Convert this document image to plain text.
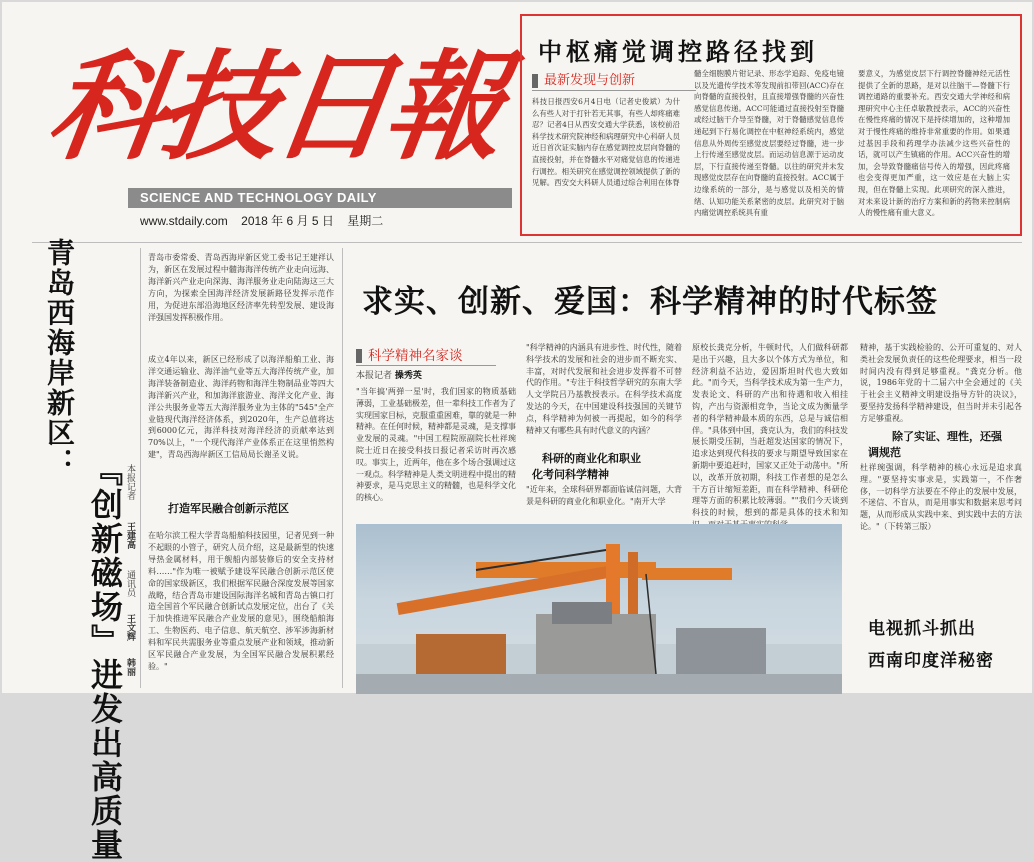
科技日報
SCIENCE AND TECHNOLOGY DAILY
www.stdaily.com 2018 年 6 月 5 日 星期二
中枢痛觉调控路径找到
最新发现与创新
科技日报西安6月4日电（记者史俊斌）为什么有些人对于打针若无其事，有些人却疼痛难忍？记者4日从西安交通大学获悉，该校前沿科学技术研究院神经和病理研究中心科研人员近日首次证实脑内存在感觉调控皮层向脊髓的直接投射，并在脊髓水平对痛觉信息的传递进行调控。相关研究在感觉调控领域提供了新的见解。西安交大科研人员通过综合利用在体脊
髓全细胞膜片钳记录、形态学追踪、免疫电镜以及光遗传学技术等发现前扣带回(ACC)存在向脊髓的直接投射，且直接增强脊髓的兴奋性感觉信息传递。ACC可能通过直接投射至脊髓或经过脑干介导至脊髓，对于脊髓感觉信息传递起到下行易化调控在中枢神经系统内，感觉信息从外周传至感觉皮层要经过脊髓，进一步上行传递至感觉皮层。而运动信息源于运动皮层，下行直接传递至脊髓。以往的研究并未发现感觉皮层存在向脊髓的直接投射。ACC属于边缘系统的一部分，是与感觉以及相关的情绪、认知功能关系紧密的皮层。此研究对于脑内痛觉调控系统具有重
要意义，为感觉皮层下行调控脊髓神经元活性提供了全新的思路，是对以往脑干—脊髓下行调控通路的重要补充。西安交通大学神经和病理研究中心主任卓敏教授表示，ACC的兴奋性在慢性疼痛的情况下是持续增加的，这种增加对于慢性疼痛的维持非常重要的作用。如果通过基因手段和药理学办法减少这些兴奋性的话，就可以产生镇痛的作用。ACC兴奋性的增加，会导致脊髓痛信号传入的增强，因此疼痛也会变得更加严重，这一效应是在大脑上实现，但在脊髓上实现。此项研究的深入推进，对未来设计新的治疗方案和新的药物来控制病人的慢性痛有重大意义。
青岛西海岸新区：
『创新磁场』进发出高质量 本报记者
王建高
通讯员
王文辉
韩丽
青岛市委常委、青岛西海岸新区党工委书记王建祥认为，新区在发展过程中髓海海洋传统产业走向远海、海洋新兴产业走向深海、海洋服务业走向陆海这三大方向，为探索全国海洋经济发展新路径发挥示范作用，为促进东部沿海地区经济率先转型发展、建设海洋强国发挥积极作用。
成立4年以来，新区已经形成了以海洋船舶工业、海洋交通运输业、海洋油气业等五大海洋传统产业，加海洋装备制造业、海洋药物和海洋生物制品业等四大海洋新兴产业，和加海洋旅游业、海洋文化产业、海洋公共服务业等五大海洋服务业为主体的"545"全产业链现代海洋经济体系，到2020年，生产总值将达到6000亿元，海洋科技对海洋经济的贡献率达到70%以上，"一个现代海洋产业体系正在这里悄然构建"，青岛西海岸新区工信局局长谢圣义说。
打造军民融合创新示范区
在哈尔滨工程大学青岛船舶科技园里，记者见到一种不起眼的小管子，研究人员介绍，这是最新型的快速导热金属材料，用于舰船内部装修后的安全支持材料……"作为唯一被赋予建设军民融合创新示范区使命的国家级新区，我们根据军民融合深度发展等国家战略，结合青岛市建设国际海洋名城和青岛古镇口打造全国首个军民融合创新试点发展定位，出台了《关于加快推进军民融合产业发展的意见》，围绕船舶海工、生物医药、电子信息、航天航空、涉军涉海新材料和军民共需服务业等重点发展产业和领域，推动新区军民融合产业发展，为全国军民融合发展积累经验。"
求实、创新、爱国：科学精神的时代标签
科学精神名家谈
本报记者 操秀英
"当年搞'两弹一星'时，我们国家的物质基础薄弱，工业基础极差，但一辈科技工作者为了实现国家目标，克服重重困难，靠的就是一种精神。在任何时候，精神都是灵魂，是支撑事业发展的灵魂。"中国工程院原副院长杜祥琬院士近日在接受科技日报记者采访时再次感叹。事实上，近两年，他在多个场合强调过这一观点。科学精神是人类文明进程中提出的精神要求，是马克思主义的精髓，也是科学文化的核心。
"科学精神的内涵具有进步性、时代性，随着科学技术的发展和社会的进步而不断充实、丰富，对时代发展和社会进步发挥着不可替代的作用。"专注于科技哲学研究的东南大学人文学院吕乃基教授表示。在科学技术高度发达的今天，在中国建设科技强国的关键节点，科学精神为何被一再提起，如今的科学精神又有哪些具有时代意义的内涵？
科研的商业化和职业
化考问科学精神
"近年来，全球科研界都面临诚信问题，大背景是科研的商业化和职业化。"南开大学
原校长龚克分析，牛顿时代，人们做科研都是出于兴趣，且大多以个体方式为单位，和经济利益不沾边，爱因斯坦时代也大致如此。"而今天，当科学技术成为第一生产力，发表论文、科研的产出和待遇和收入相挂钩，产出与资源相竞争，当论文成为衡量学者的科学精神最本质的东西，总是与诚信相伴。"具体到中国，龚克认为，我们的科技发展长期受压制，当赶超发达国家的情况下，追求达到现代科技的要求与期望导致国家在新期中要追赶时，国家又正处于动荡中。"所以，改革开放初期，科技工作者想的是怎么干方百计缩短差距，而在科学精神、科研伦理等方面的积累比较薄弱。""我们今天谈到科技的时候，想到的都是具体的技术和知
精神，基于实践检验的、公开可重复的、对人类社会发展负责任的这些伦理要求，相当一段时间内没有得到足够重视。"龚克分析。他说，1986年党的十二届六中全会通过的《关于社会主义精神文明建设指导方针的决议》，要坚持发扬科学精神建设，但当时并未引起各方足够重视。
除了实证、理性，还强
调规范
杜祥琬强调，科学精神的核心永远是追求真理。"要坚持实事求是，实践第一，不作奢侈，一切科学方法要在不停止的发展中发展，不迷信、不盲从，而是用事实和数据来思考问题，从而形成从实践中来、到实践中去的方法论。"（下转第三版）
电视抓斗抓出
西南印度洋秘密
